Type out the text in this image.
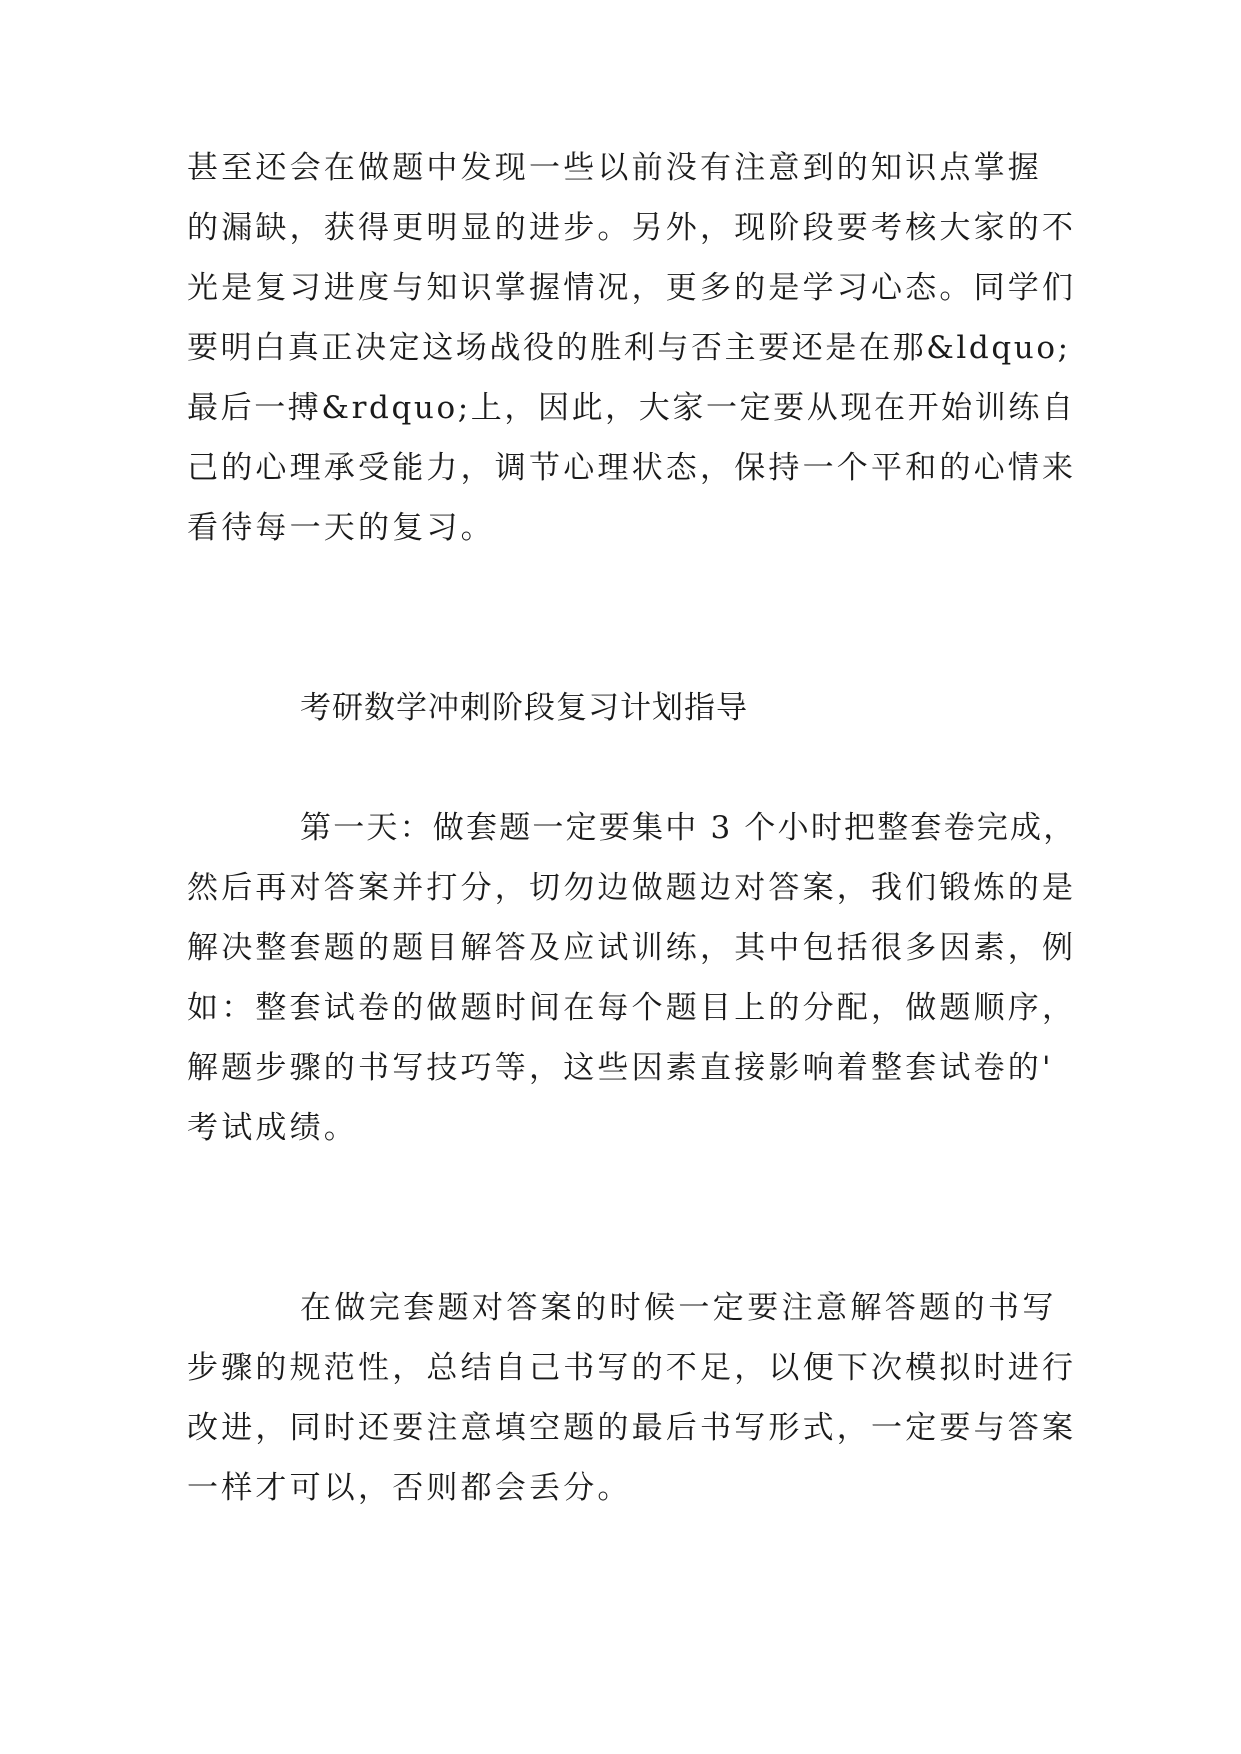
甚至还会在做题中发现一些以前没有注意到的知识点掌握
的漏缺，获得更明显的进步。另外，现阶段要考核大家的不
光是复习进度与知识掌握情况，更多的是学习心态。同学们
要明白真正决定这场战役的胜利与否主要还是在那&ldquo;
最后一搏&rdquo;上，因此，大家一定要从现在开始训练自
己的心理承受能力，调节心理状态，保持一个平和的心情来
看待每一天的复习。
考研数学冲刺阶段复习计划指导
第一天：做套题一定要集中 3 个小时把整套卷完成，
然后再对答案并打分，切勿边做题边对答案，我们锻炼的是
解决整套题的题目解答及应试训练，其中包括很多因素，例
如：整套试卷的做题时间在每个题目上的分配，做题顺序，
解题步骤的书写技巧等，这些因素直接影响着整套试卷的'
考试成绩。
在做完套题对答案的时候一定要注意解答题的书写
步骤的规范性，总结自己书写的不足，以便下次模拟时进行
改进，同时还要注意填空题的最后书写形式，一定要与答案
一样才可以，否则都会丢分。
